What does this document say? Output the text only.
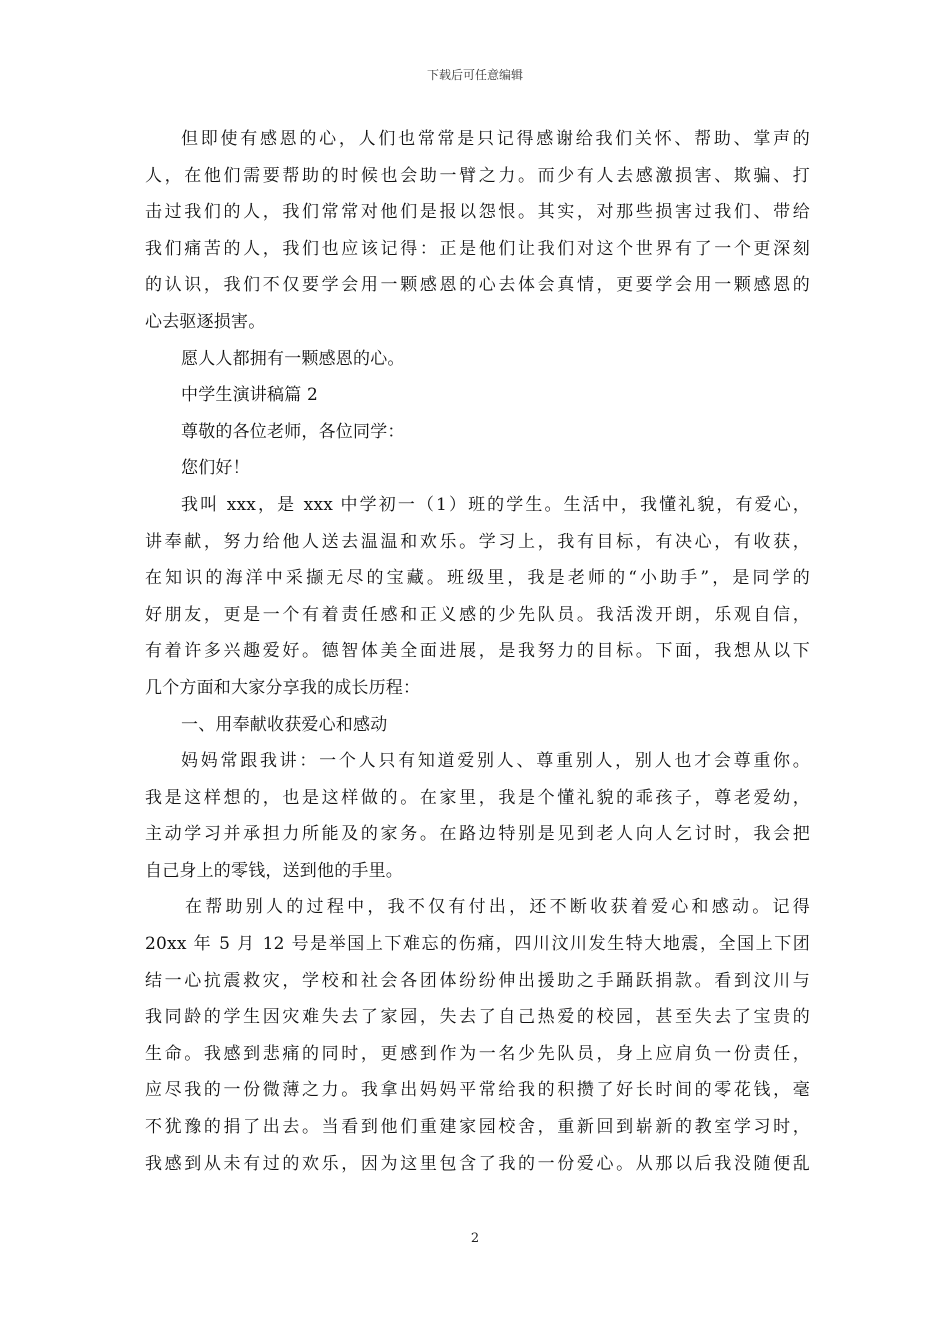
下载后可任意编辑
但即使有感恩的心，人们也常常是只记得感谢给我们关怀、帮助、掌声的
人，在他们需要帮助的时候也会助一臂之力。而少有人去感激损害、欺骗、打
击过我们的人，我们常常对他们是报以怨恨。其实，对那些损害过我们、带给
我们痛苦的人，我们也应该记得：正是他们让我们对这个世界有了一个更深刻
的认识，我们不仅要学会用一颗感恩的心去体会真情，更要学会用一颗感恩的
心去驱逐损害。
愿人人都拥有一颗感恩的心。
中学生演讲稿篇 2
尊敬的各位老师，各位同学：
您们好！
我叫 xxx，是 xxx 中学初一（1）班的学生。生活中，我懂礼貌，有爱心，
讲奉献，努力给他人送去温温和欢乐。学习上，我有目标，有决心，有收获，
在知识的海洋中采撷无尽的宝藏。班级里，我是老师的“小助手”，是同学的
好朋友，更是一个有着责任感和正义感的少先队员。我活泼开朗，乐观自信，
有着许多兴趣爱好。德智体美全面进展，是我努力的目标。下面，我想从以下
几个方面和大家分享我的成长历程：
一、用奉献收获爱心和感动
妈妈常跟我讲：一个人只有知道爱别人、尊重别人，别人也才会尊重你。
我是这样想的，也是这样做的。在家里，我是个懂礼貌的乖孩子，尊老爱幼，
主动学习并承担力所能及的家务。在路边特别是见到老人向人乞讨时，我会把
自己身上的零钱，送到他的手里。
在帮助别人的过程中，我不仅有付出，还不断收获着爱心和感动。记得
20xx 年 5 月 12 号是举国上下难忘的伤痛，四川汶川发生特大地震，全国上下团
结一心抗震救灾，学校和社会各团体纷纷伸出援助之手踊跃捐款。看到汶川与
我同龄的学生因灾难失去了家园，失去了自己热爱的校园，甚至失去了宝贵的
生命。我感到悲痛的同时，更感到作为一名少先队员，身上应肩负一份责任，
应尽我的一份微薄之力。我拿出妈妈平常给我的积攒了好长时间的零花钱，毫
不犹豫的捐了出去。当看到他们重建家园校舍，重新回到崭新的教室学习时，
我感到从未有过的欢乐，因为这里包含了我的一份爱心。从那以后我没随便乱
2
